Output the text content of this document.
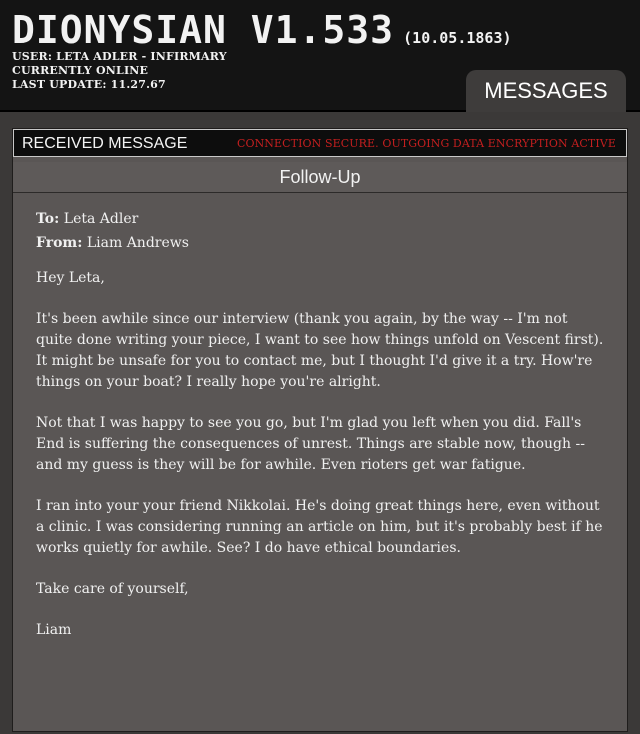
DIONYSIAN V1.533 (10.05.1863)
USER: LETA ADLER - INFIRMARY
CURRENTLY ONLINE
LAST UPDATE: 11.27.67	MESSAGES
RECEIVED MESSAGE	CONNECTION SECURE. OUTGOING DATA ENCRYPTION ACTIVE
Follow-Up
To: Leta Adler
From: Liam Andrews

Hey Leta,

It's been awhile since our interview (thank you again, by the way -- I'm not quite done writing your piece, I want to see how things unfold on Vescent first). It might be unsafe for you to contact me, but I thought I'd give it a try. How're things on your boat? I really hope you're alright.

Not that I was happy to see you go, but I'm glad you left when you did. Fall's End is suffering the consequences of unrest. Things are stable now, though -- and my guess is they will be for awhile. Even rioters get war fatigue.

I ran into your your friend Nikkolai. He's doing great things here, even without a clinic. I was considering running an article on him, but it's probably best if he works quietly for awhile. See? I do have ethical boundaries.

Take care of yourself,

Liam
